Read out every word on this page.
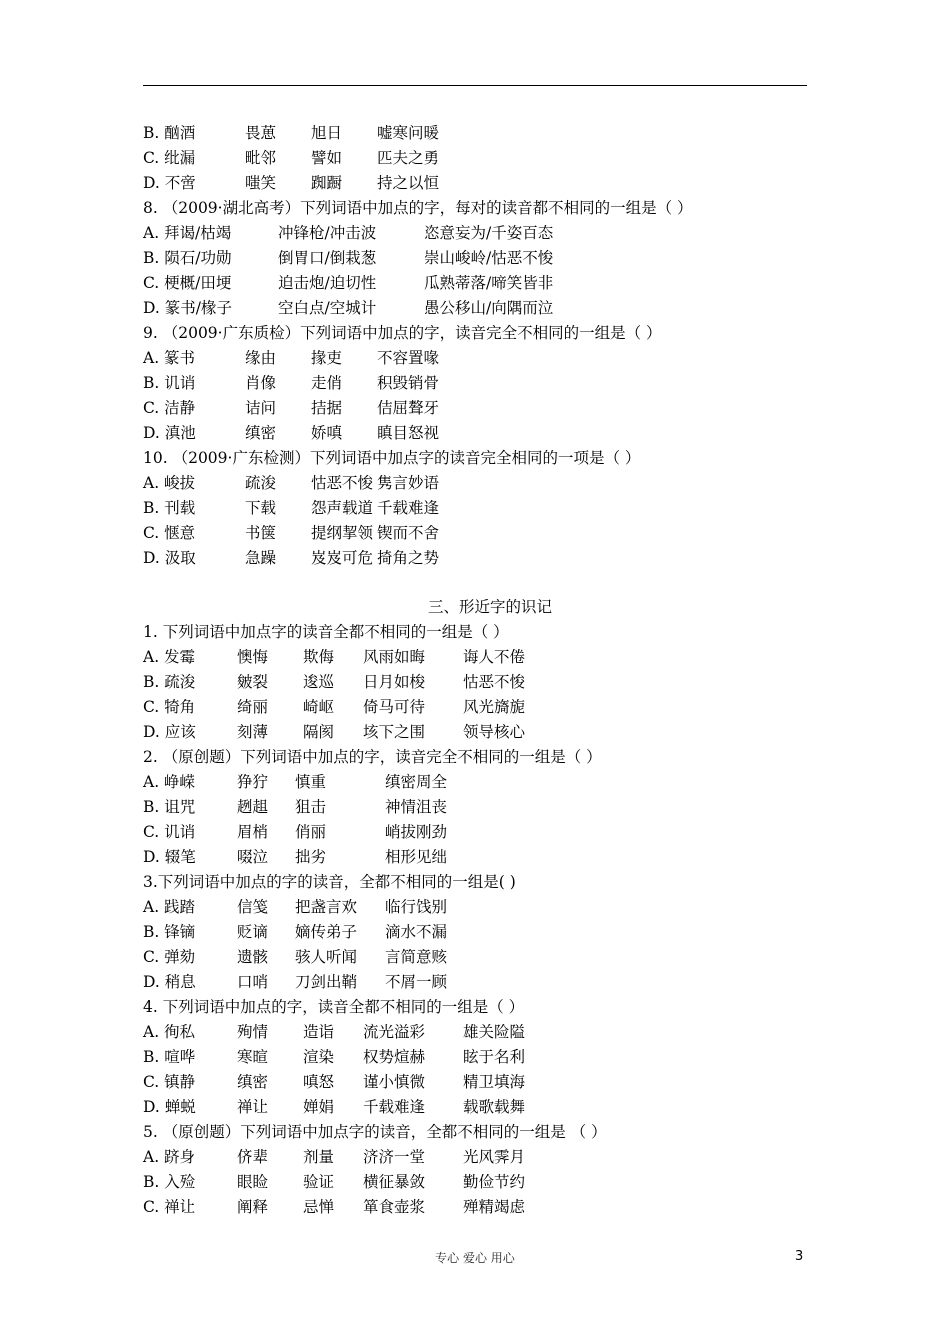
B. 酗酒	畏葸 旭日 嘘寒问暖
C. 纰漏	毗邻 譬如 匹夫之勇
D. 不啻	嗤笑 踟蹰 持之以恒
8. （2009·湖北高考）下列词语中加点的字，每对的读音都不相同的一组是（ ）
A. 拜谒/枯竭	冲锋枪/冲击波	恣意妄为/千姿百态
B. 陨石/功勋	倒胃口/倒栽葱	崇山峻岭/怙恶不悛
C. 梗概/田埂	迫击炮/迫切性	瓜熟蒂落/啼笑皆非
D. 篆书/椽子	空白点/空城计	愚公移山/向隅而泣
9. （2009·广东质检）下列词语中加点的字，读音完全不相同的一组是（ ）
A. 篆书	缘由 掾吏 不容置喙
B. 讥诮	肖像 走俏 积毁销骨
C. 洁静	诘问 拮据 佶屈聱牙
D. 滇池	缜密 娇嗔 瞋目怒视
10. （2009·广东检测）下列词语中加点字的读音完全相同的一项是（ ）
A. 峻拔	疏浚 怙恶不悛 隽言妙语
B. 刊载	下载 怨声载道 千载难逢
C. 惬意	书箧 提纲挈领 锲而不舍
D. 汲取	急躁 岌岌可危 掎角之势
三、形近字的识记
1. 下列词语中加点字的读音全都不相同的一组是（ ）
A. 发霉	懊悔 欺侮 风雨如晦 诲人不倦
B. 疏浚	皴裂 逡巡 日月如梭 怙恶不悛
C. 犄角	绮丽 崎岖 倚马可待 风光旖旎
D. 应该	刻薄 隔阂 垓下之围 领导核心
2. （原创题）下列词语中加点的字，读音完全不相同的一组是（ ）
A. 峥嵘	狰狞 慎重	缜密周全
B. 诅咒	趔趄 狙击	神情沮丧
C. 讥诮	眉梢 俏丽	峭拔刚劲
D. 辍笔	啜泣 拙劣	相形见绌
3.下列词语中加点的字的读音，全都不相同的一组是( )
A. 践踏	信笺 把盏言欢 临行饯别
B. 锋镝	贬谪 嫡传弟子 滴水不漏
C. 弹劾	遗骸 骇人听闻 言简意赅
D. 稍息	口哨 刀剑出鞘 不屑一顾
4. 下列词语中加点的字，读音全都不相同的一组是（ ）
A. 徇私	殉情 造诣 流光溢彩 雄关险隘
B. 喧哗	寒暄 渲染 权势煊赫 眩于名利
C. 镇静	缜密 嗔怒 谨小慎微 精卫填海
D. 蝉蜕	禅让 婵娟 千载难逢 载歌载舞
5. （原创题）下列词语中加点字的读音，全都不相同的一组是 （ ）
A. 跻身	侪辈 剂量 济济一堂 光风霁月
B. 入殓	眼睑 验证 横征暴敛 勤俭节约
C. 禅让	阐释 忌惮 箪食壶浆 殚精竭虑
专心 爱心 用心	3
